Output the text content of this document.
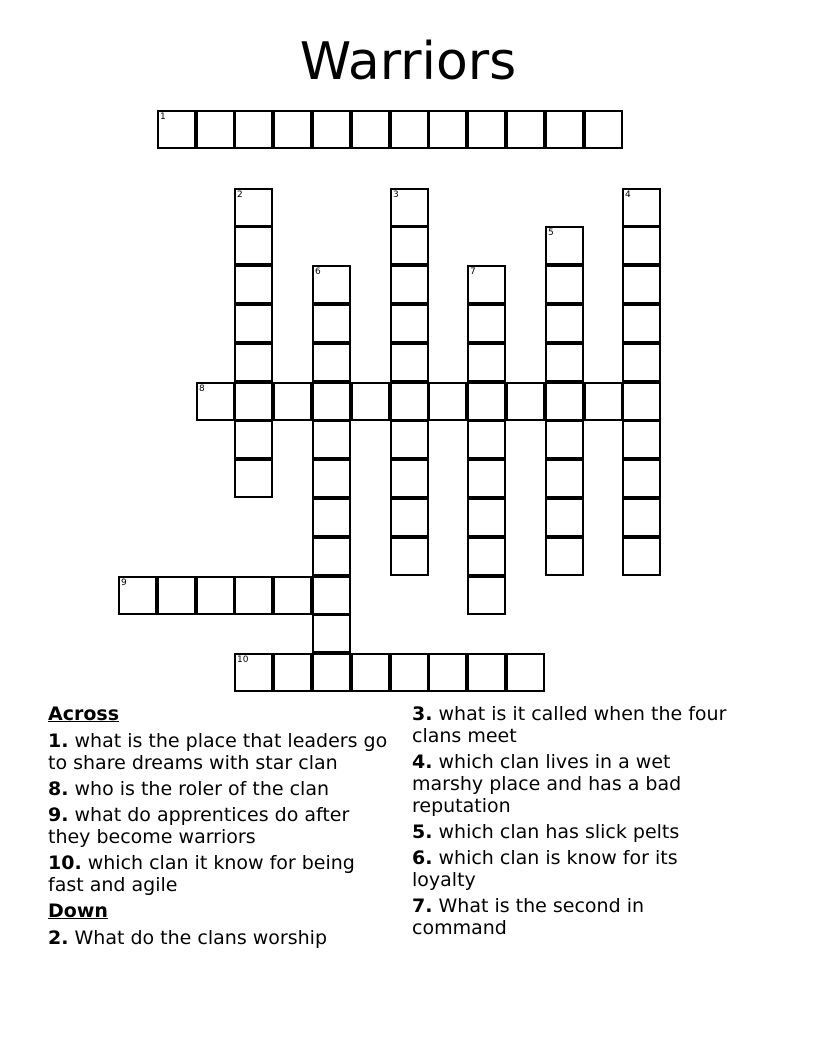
Warriors
1
2	3	4
5
6	7
8
9
10
Across
1. what is the place that leaders go to share dreams with star clan
8. who is the roler of the clan
9. what do apprentices do after they become warriors
10. which clan it know for being fast and agile
Down
2. What do the clans worship
3. what is it called when the four clans meet
4. which clan lives in a wet marshy place and has a bad reputation
5. which clan has slick pelts
6. which clan is know for its loyalty
7. What is the second in command
